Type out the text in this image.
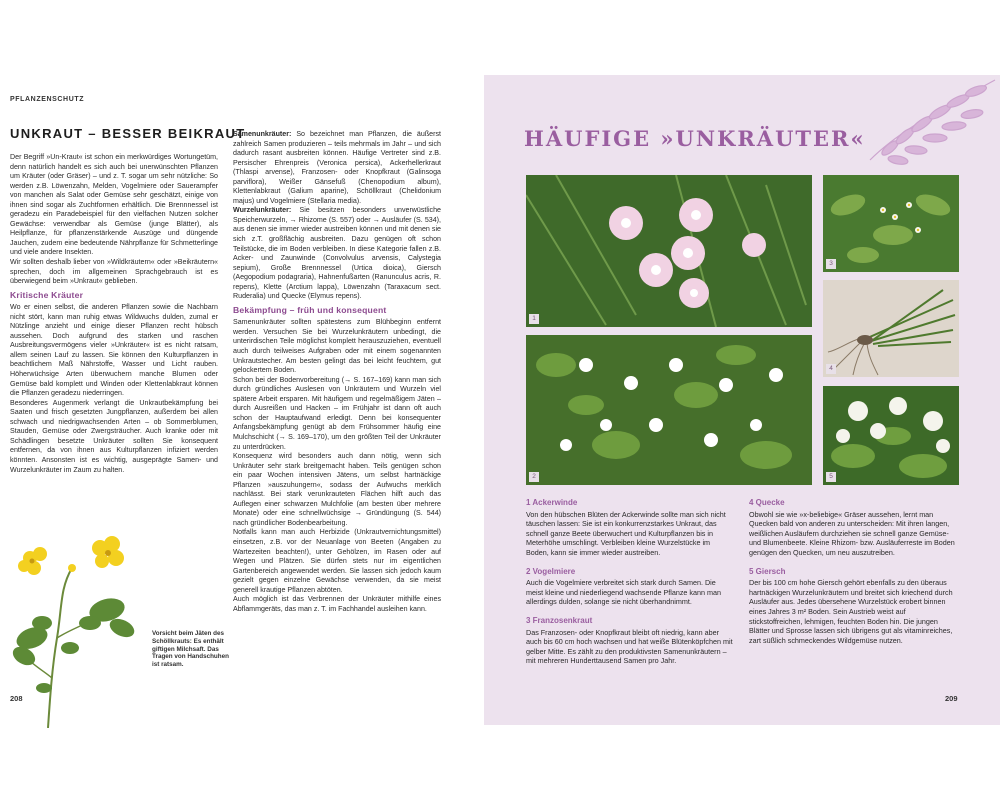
PFLANZENSCHUTZ
UNKRAUT – BESSER BEIKRAUT

Der Begriff »Un-Kraut« ist schon ein merkwürdiges Wortungetüm, denn natürlich handelt es sich auch bei unerwünschten Pflanzen um Kräuter (oder Gräser) – und z. T. sogar um sehr nützliche: So werden z.B. Löwenzahn, Melden, Vogelmiere oder Sauerampfer von manchen als Salat oder Gemüse sehr geschätzt, einige von ihnen sind sogar als Zuchtformen erhältlich. Die Brennnessel ist geradezu ein Paradebeispiel für den vielfachen Nutzen solcher Gewächse: verwendbar als Gemüse (junge Blätter), als Heilpflanze, für pflanzenstärkende Auszüge und düngende Jauchen, zudem eine bedeutende Nährpflanze für Schmetterlinge und viele andere Insekten.

Wir sollten deshalb lieber von »Wildkräutern« oder »Beikräutern« sprechen, doch im allgemeinen Sprachgebrauch ist es überwiegend beim »Unkraut« geblieben.

Kritische Kräuter

Wo er einen selbst, die anderen Pflanzen sowie die Nachbarn nicht stört, kann man ruhig etwas Wildwuchs dulden, zumal er Nützlinge anzieht und einige dieser Pflanzen recht hübsch aussehen. Doch aufgrund des starken und raschen Ausbreitungsvermögens vieler »Unkräuter« ist es nicht ratsam, allem seinen Lauf zu lassen. Sie können den Kulturpflanzen in beachtlichem Maß Nährstoffe, Wasser und Licht rauben. Höherwüchsige Arten überwuchern manche Blumen oder Gemüse bald komplett und Winden oder Klettenlabkraut können die Pflanzen geradezu niederringen.

Besonderes Augenmerk verlangt die Unkrautbekämpfung bei Saaten und frisch gesetzten Jungpflanzen, außerdem bei allen schwach und niedrigwachsenden Arten – ob Sommerblumen, Stauden, Gemüse oder Zwergsträucher. Auch kranke oder mit Schädlingen besetzte Unkräuter sollten Sie konsequent entfernen, da von ihnen aus Kulturpflanzen infiziert werden könnten. Ansonsten ist es wichtig, ausgeprägte Samen- und Wurzelunkräuter im Zaum zu halten.

Vorsicht beim Jäten des Schöllkrauts: Es enthält giftigen Milchsaft. Das Tragen von Handschuhen ist ratsam.
208

Samenunkräuter: So bezeichnet man Pflanzen, die äußerst zahlreich Samen produzieren – teils mehrmals im Jahr – und sich dadurch rasant ausbreiten können. Häufige Vertreter sind z.B. Persischer Ehrenpreis (Veronica persica), Ackerhellerkraut (Thlaspi arvense), Franzosen- oder Knopfkraut (Galinsoga parviflora), Weißer Gänsefuß (Chenopodium album), Klettenlabkraut (Galium aparine), Schöllkraut (Chelidonium majus) und Vogelmiere (Stellaria media).

Wurzelunkräuter: Sie besitzen besonders unverwüstliche Speicherwurzeln, → Rhizome (S. 557) oder → Ausläufer (S. 534), aus denen sie immer wieder austreiben können und mit denen sie sich z.T. großflächig ausbreiten. Dazu genügen oft schon Teilstücke, die im Boden verbleiben. In diese Kategorie fallen z.B. Acker- und Zaunwinde (Convolvulus arvensis, Calystegia sepium), Große Brennnessel (Urtica dioica), Giersch (Aegopodium podagraria), Hahnenfußarten (Ranunculus acris, R. repens), Klette (Arctium lappa), Löwenzahn (Taraxacum sect. Ruderalia) und Quecke (Elymus repens).

Bekämpfung – früh und konsequent

Samenunkräuter sollten spätestens zum Blühbeginn entfernt werden. Versuchen Sie bei Wurzelunkräutern unbedingt, die unterirdischen Teile möglichst komplett herauszuziehen, eventuell auch durch teilweises Aufgraben oder mit einem sogenannten Unkrautstecher. Am besten gelingt das bei leicht feuchtem, gut gelockertem Boden.

Schon bei der Bodenvorbereitung (→ S. 167–169) kann man sich durch gründliches Auslesen von Unkräutern und Wurzeln viel spätere Arbeit ersparen. Mit häufigem und regelmäßigem Jäten – durch Ausreißen und Hacken – im Frühjahr ist dann oft auch schon der Hauptaufwand erledigt. Denn bei konsequenter Anfangsbekämpfung genügt ab dem Frühsommer häufig eine Mulchschicht (→ S. 169–170), um den größten Teil der Unkräuter zu unterdrücken.

Konsequenz wird besonders auch dann nötig, wenn sich Unkräuter sehr stark breitgemacht haben. Teils genügen schon ein paar Wochen intensiven Jätens, um selbst hartnäckige Pflanzen »auszuhungern«, sodass der Aufwuchs merklich nachlässt. Bei stark verunkrauteten Flächen hilft auch das Auflegen einer schwarzen Mulchfolie (am besten über mehrere Monate) oder eine schnellwüchsige → Gründüngung (S. 544) nach gründlicher Bodenbearbeitung.

Notfalls kann man auch Herbizide (Unkrautvernichtungsmittel) einsetzen, z.B. vor der Neuanlage von Beeten (Angaben zu Wartezeiten beachten!), unter Gehölzen, im Rasen oder auf Wegen und Plätzen. Sie dürfen stets nur im eigentlichen Gartenbereich angewendet werden. Sie lassen sich jedoch kaum gezielt gegen einzelne Gewächse verwenden, da sie meist generell krautige Pflanzen abtöten.

Auch möglich ist das Verbrennen der Unkräuter mithilfe eines Abflammgeräts, das man z. T. im Fachhandel ausleihen kann.

HÄUFIGE »UNKRÄUTER«
1
2
3
4
5

1 Ackerwinde
Von den hübschen Blüten der Ackerwinde sollte man sich nicht täuschen lassen: Sie ist ein konkurrenzstarkes Unkraut, das schnell ganze Beete überwuchert und Kulturpflanzen bis in Meterhöhe umschlingt. Verbleiben kleine Wurzelstücke im Boden, kann sie immer wieder austreiben.

2 Vogelmiere
Auch die Vogelmiere verbreitet sich stark durch Samen. Die meist kleine und niederliegend wachsende Pflanze kann man allerdings dulden, solange sie nicht überhandnimmt.

3 Franzosenkraut
Das Franzosen- oder Knopfkraut bleibt oft niedrig, kann aber auch bis 60 cm hoch wachsen und hat weiße Blütenköpfchen mit gelber Mitte. Es zählt zu den produktivsten Samenunkräutern – mit mehreren Hunderttausend Samen pro Jahr.

4 Quecke
Obwohl sie wie »x-beliebige« Gräser aussehen, lernt man Quecken bald von anderen zu unterscheiden: Mit ihren langen, weißlichen Ausläufern durchziehen sie schnell ganze Gemüse- und Blumenbeete. Kleine Rhizom- bzw. Ausläuferreste im Boden genügen den Quecken, um neu auszutreiben.

5 Giersch
Der bis 100 cm hohe Giersch gehört ebenfalls zu den überaus hartnäckigen Wurzelunkräutern und breitet sich kriechend durch Ausläufer aus. Jedes übersehene Wurzelstück erobert binnen eines Jahres 3 m² Boden. Sein Austrieb weist auf stickstoffreichen, lehmigen, feuchten Boden hin. Die jungen Blätter und Sprosse lassen sich übrigens gut als vitaminreiches, zart süßlich schmeckendes Wildgemüse nutzen.

209
